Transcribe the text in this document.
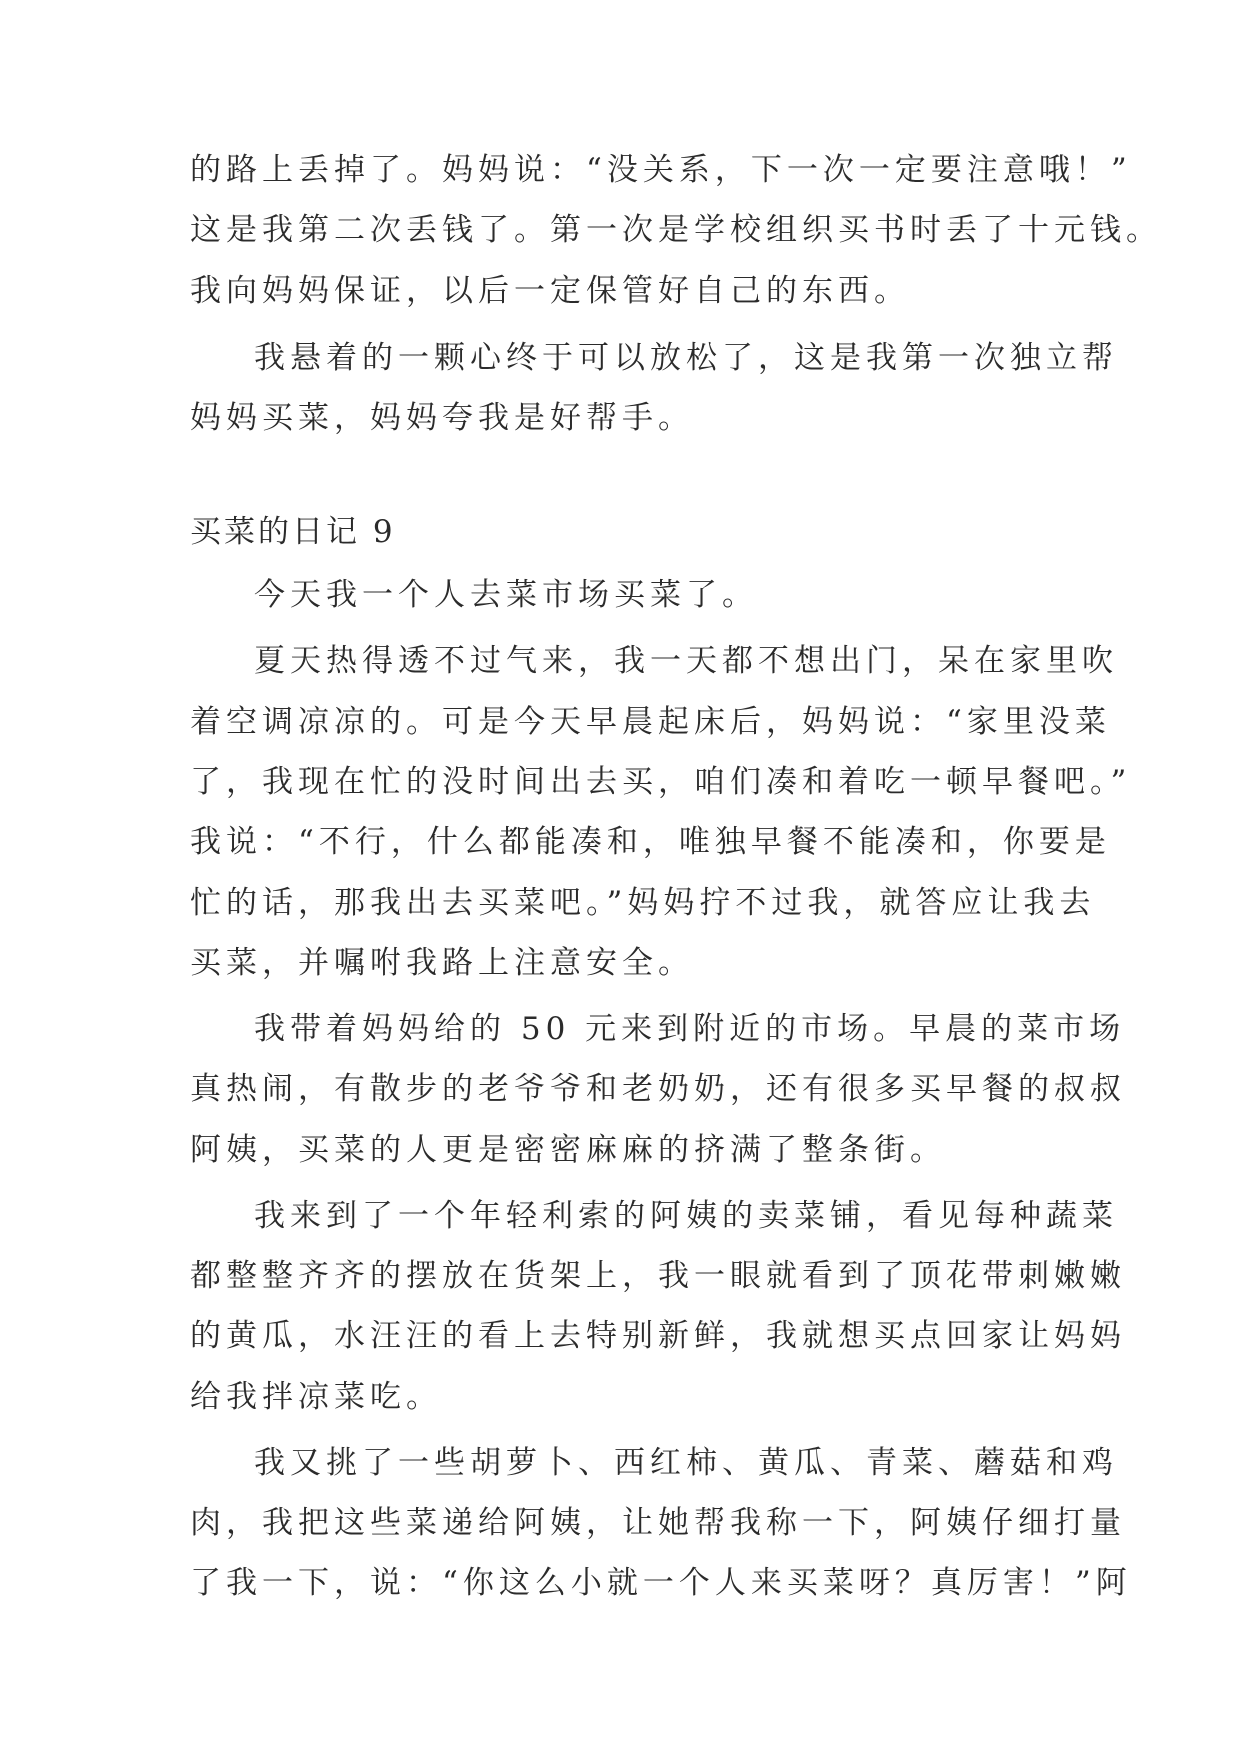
的路上丢掉了。妈妈说：“没关系，下一次一定要注意哦！”

这是我第二次丢钱了。第一次是学校组织买书时丢了十元钱。

我向妈妈保证，以后一定保管好自己的东西。

我悬着的一颗心终于可以放松了，这是我第一次独立帮

妈妈买菜，妈妈夸我是好帮手。

买菜的日记 9

今天我一个人去菜市场买菜了。

夏天热得透不过气来，我一天都不想出门，呆在家里吹

着空调凉凉的。可是今天早晨起床后，妈妈说：“家里没菜

了，我现在忙的没时间出去买，咱们凑和着吃一顿早餐吧。”

我说：“不行，什么都能凑和，唯独早餐不能凑和，你要是

忙的话，那我出去买菜吧。”妈妈拧不过我，就答应让我去

买菜，并嘱咐我路上注意安全。

我带着妈妈给的 50 元来到附近的市场。早晨的菜市场

真热闹，有散步的老爷爷和老奶奶，还有很多买早餐的叔叔

阿姨，买菜的人更是密密麻麻的挤满了整条街。

我来到了一个年轻利索的阿姨的卖菜铺，看见每种蔬菜

都整整齐齐的摆放在货架上，我一眼就看到了顶花带刺嫩嫩

的黄瓜，水汪汪的看上去特别新鲜，我就想买点回家让妈妈

给我拌凉菜吃。

我又挑了一些胡萝卜、西红柿、黄瓜、青菜、蘑菇和鸡

肉，我把这些菜递给阿姨，让她帮我称一下，阿姨仔细打量

了我一下，说：“你这么小就一个人来买菜呀？真厉害！”阿
